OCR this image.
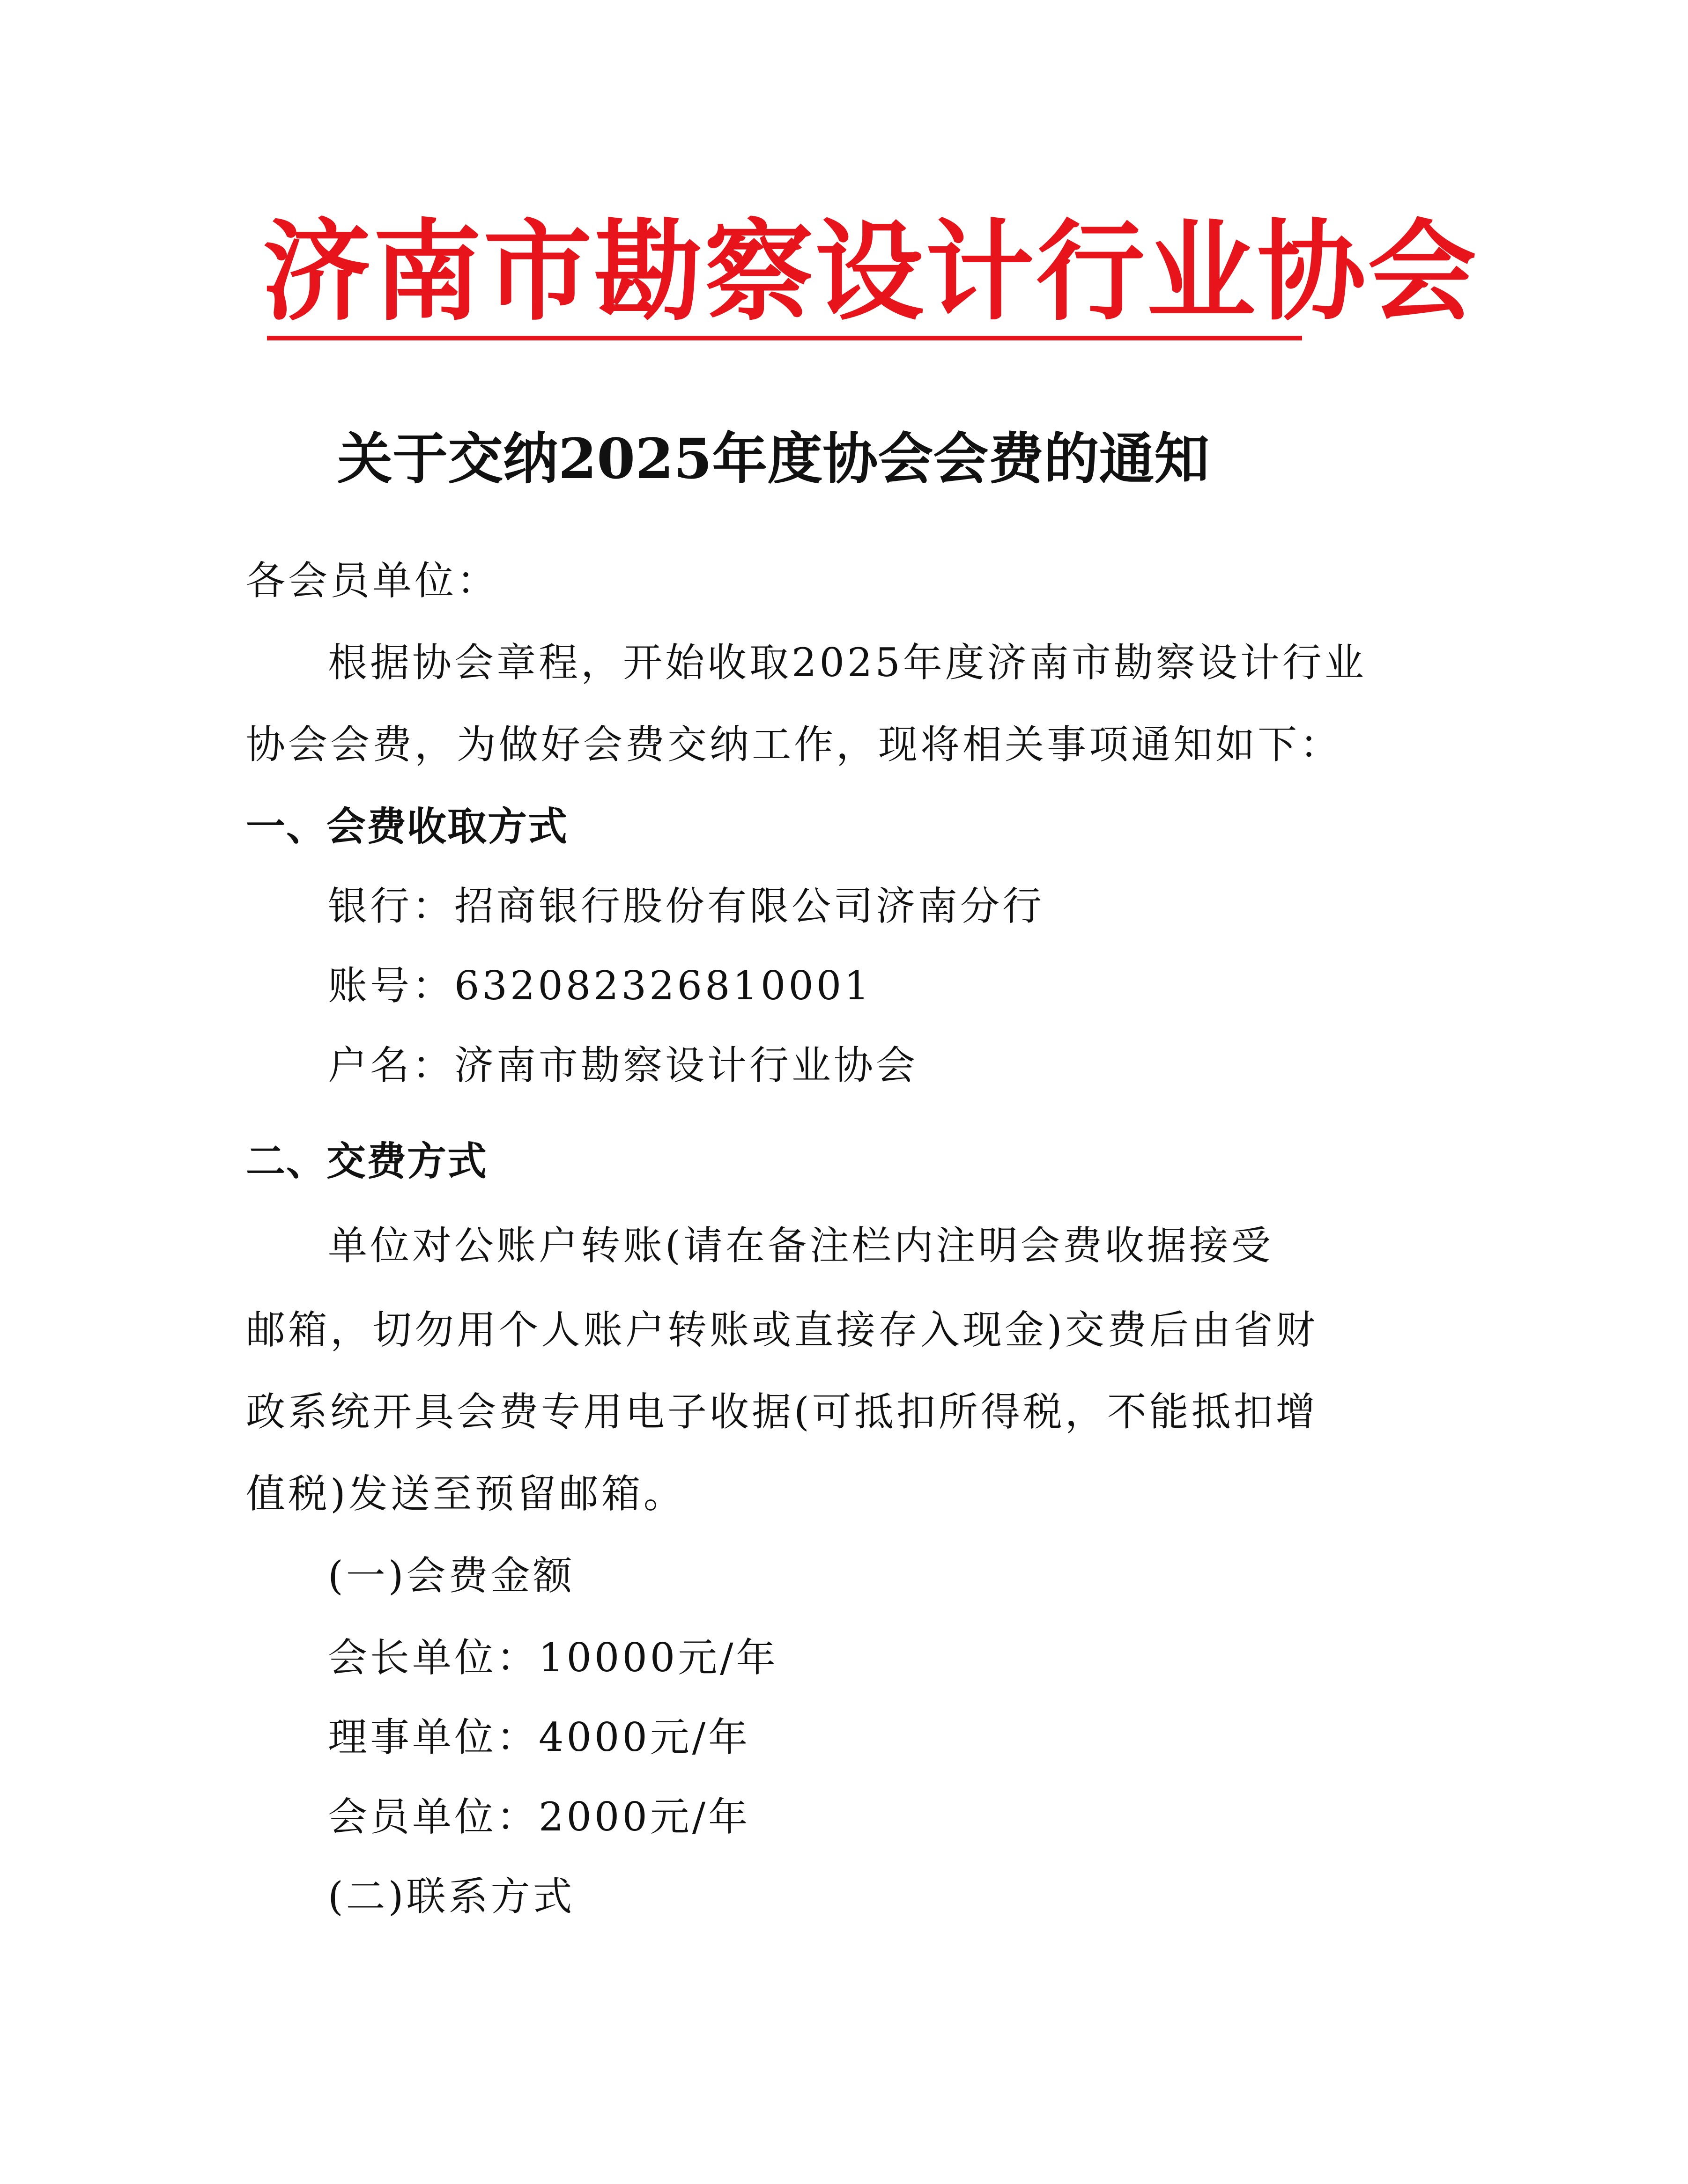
济南市勘察设计行业协会
关于交纳2025年度协会会费的通知
各会员单位：
根据协会章程，开始收取2025年度济南市勘察设计行业
协会会费，为做好会费交纳工作，现将相关事项通知如下：
一、会费收取方式
银行：招商银行股份有限公司济南分行
账号：632082326810001
户名：济南市勘察设计行业协会
二、交费方式
单位对公账户转账(请在备注栏内注明会费收据接受
邮箱，切勿用个人账户转账或直接存入现金)交费后由省财
政系统开具会费专用电子收据(可抵扣所得税，不能抵扣增
值税)发送至预留邮箱。
(一)会费金额
会长单位：10000元/年
理事单位：4000元/年
会员单位：2000元/年
(二)联系方式
